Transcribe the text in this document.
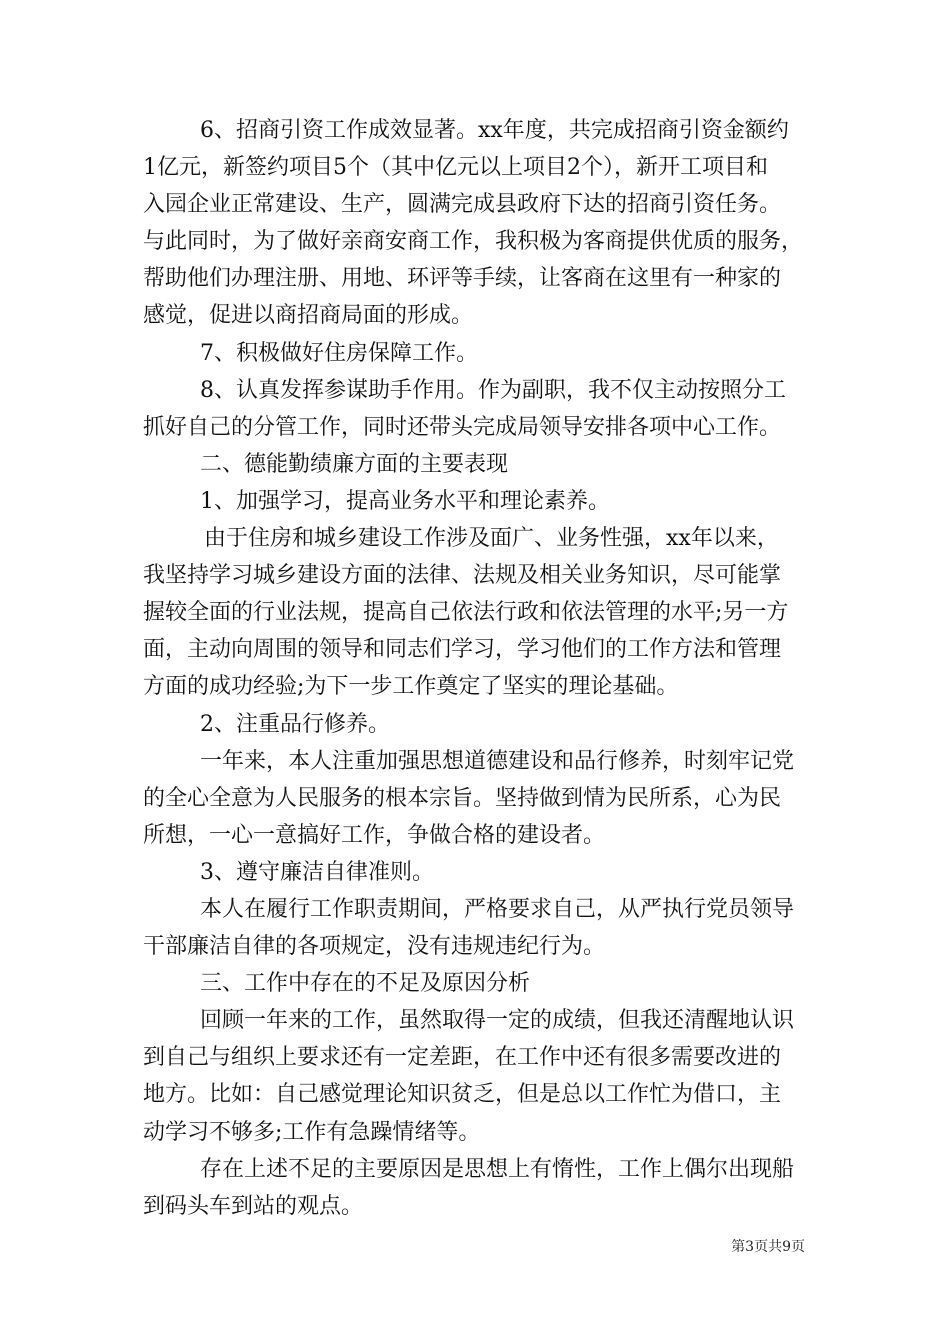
6、招商引资工作成效显著。xx年度，共完成招商引资金额约
1亿元，新签约项目5个（其中亿元以上项目2个），新开工项目和
入园企业正常建设、生产，圆满完成县政府下达的招商引资任务。
与此同时，为了做好亲商安商工作，我积极为客商提供优质的服务，
帮助他们办理注册、用地、环评等手续，让客商在这里有一种家的
感觉，促进以商招商局面的形成。
7、积极做好住房保障工作。
8、认真发挥参谋助手作用。作为副职，我不仅主动按照分工
抓好自己的分管工作，同时还带头完成局领导安排各项中心工作。
二、德能勤绩廉方面的主要表现
1、加强学习，提高业务水平和理论素养。
由于住房和城乡建设工作涉及面广、业务性强，xx年以来，
我坚持学习城乡建设方面的法律、法规及相关业务知识，尽可能掌
握较全面的行业法规，提高自己依法行政和依法管理的水平;另一方
面，主动向周围的领导和同志们学习，学习他们的工作方法和管理
方面的成功经验;为下一步工作奠定了坚实的理论基础。
2、注重品行修养。
一年来，本人注重加强思想道德建设和品行修养，时刻牢记党
的全心全意为人民服务的根本宗旨。坚持做到情为民所系，心为民
所想，一心一意搞好工作，争做合格的建设者。
3、遵守廉洁自律准则。
本人在履行工作职责期间，严格要求自己，从严执行党员领导
干部廉洁自律的各项规定，没有违规违纪行为。
三、工作中存在的不足及原因分析
回顾一年来的工作，虽然取得一定的成绩，但我还清醒地认识
到自己与组织上要求还有一定差距，在工作中还有很多需要改进的
地方。比如：自己感觉理论知识贫乏，但是总以工作忙为借口，主
动学习不够多;工作有急躁情绪等。
存在上述不足的主要原因是思想上有惰性，工作上偶尔出现船
到码头车到站的观点。
第3页共9页
